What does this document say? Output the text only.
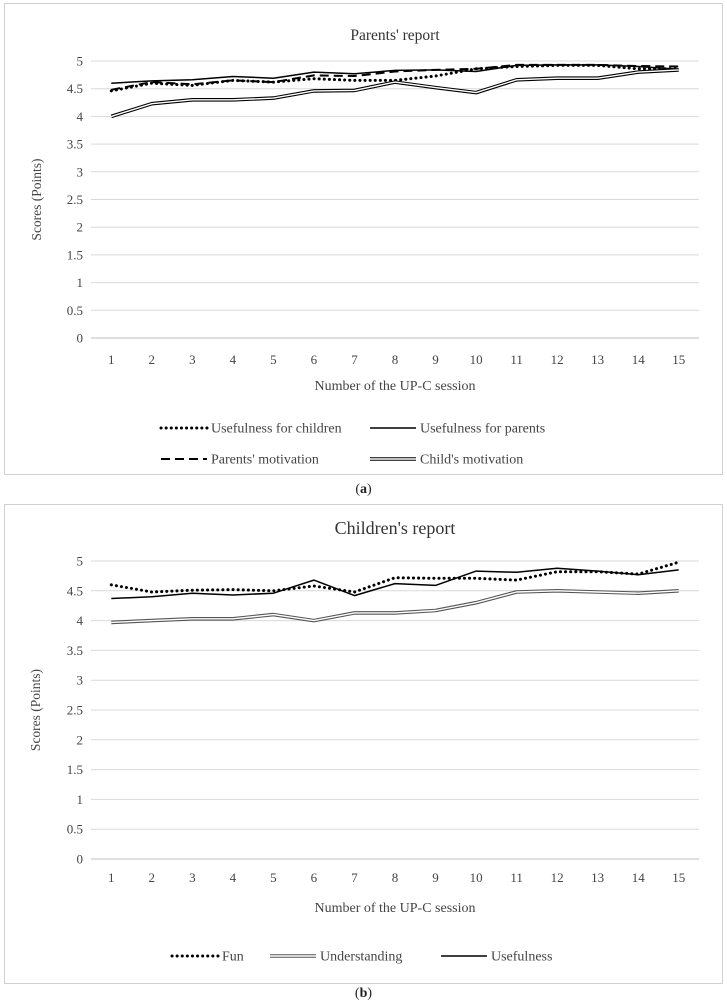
Parents' report
0
0.5
1
1.5
2
2.5
3
3.5
4
4.5
5
1	2	3	4	5	6	7	8	9 10 11 12 13 14 15
Scores (Points)
Number of the UP-C session
Usefulness for children	Usefulness for parents
Parents' motivation	Child's motivation
(a)
Children's report
0
0.5
1
1.5
2
2.5
3
3.5
4
4.5
5
1	2	3	4	5	6	7	8	9 10 11 12 13 14 15
Scores (Points)
Number of the UP-C session
Fun	Understanding	Usefulness
(b)
